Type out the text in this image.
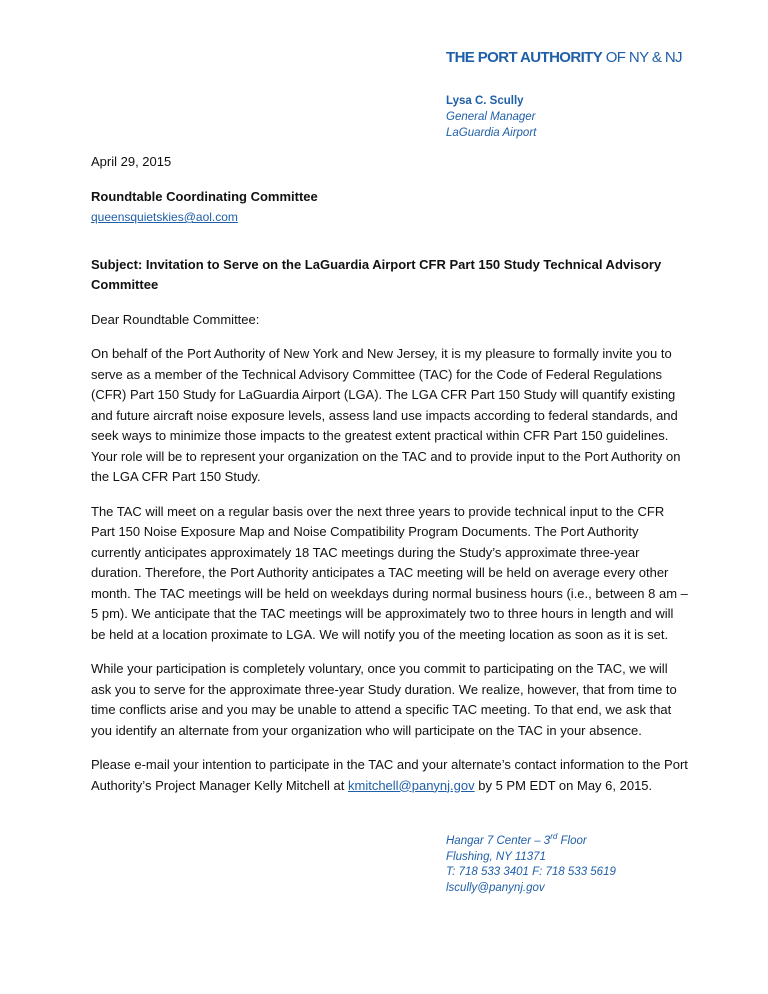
THE PORT AUTHORITY OF NY & NJ
Lysa C. Scully
General Manager
LaGuardia Airport

April 29, 2015

Roundtable Coordinating Committee

queensquietskies@aol.com

Subject: Invitation to Serve on the LaGuardia Airport CFR Part 150 Study Technical Advisory
Committee

Dear Roundtable Committee:

On behalf of the Port Authority of New York and New Jersey, it is my pleasure to formally invite you to serve as a member of the Technical Advisory Committee (TAC) for the Code of Federal Regulations (CFR) Part 150 Study for LaGuardia Airport (LGA). The LGA CFR Part 150 Study will quantify existing and future aircraft noise exposure levels, assess land use impacts according to federal standards, and seek ways to minimize those impacts to the greatest extent practical within CFR Part 150 guidelines. Your role will be to represent your organization on the TAC and to provide input to the Port Authority on the LGA CFR Part 150 Study.

The TAC will meet on a regular basis over the next three years to provide technical input to the CFR Part 150 Noise Exposure Map and Noise Compatibility Program Documents. The Port Authority currently anticipates approximately 18 TAC meetings during the Study’s approximate three-year duration. Therefore, the Port Authority anticipates a TAC meeting will be held on average every other month. The TAC meetings will be held on weekdays during normal business hours (i.e., between 8 am – 5 pm). We anticipate that the TAC meetings will be approximately two to three hours in length and will be held at a location proximate to LGA. We will notify you of the meeting location as soon as it is set.

While your participation is completely voluntary, once you commit to participating on the TAC, we will ask you to serve for the approximate three-year Study duration. We realize, however, that from time to time conflicts arise and you may be unable to attend a specific TAC meeting. To that end, we ask that you identify an alternate from your organization who will participate on the TAC in your absence.

Please e-mail your intention to participate in the TAC and your alternate’s contact information to the Port Authority’s Project Manager Kelly Mitchell at kmitchell@panynj.gov by 5 PM EDT on May 6, 2015.

Hangar 7 Center – 3rd Floor
Flushing, NY 11371
T: 718 533 3401 F: 718 533 5619
lscully@panynj.gov
